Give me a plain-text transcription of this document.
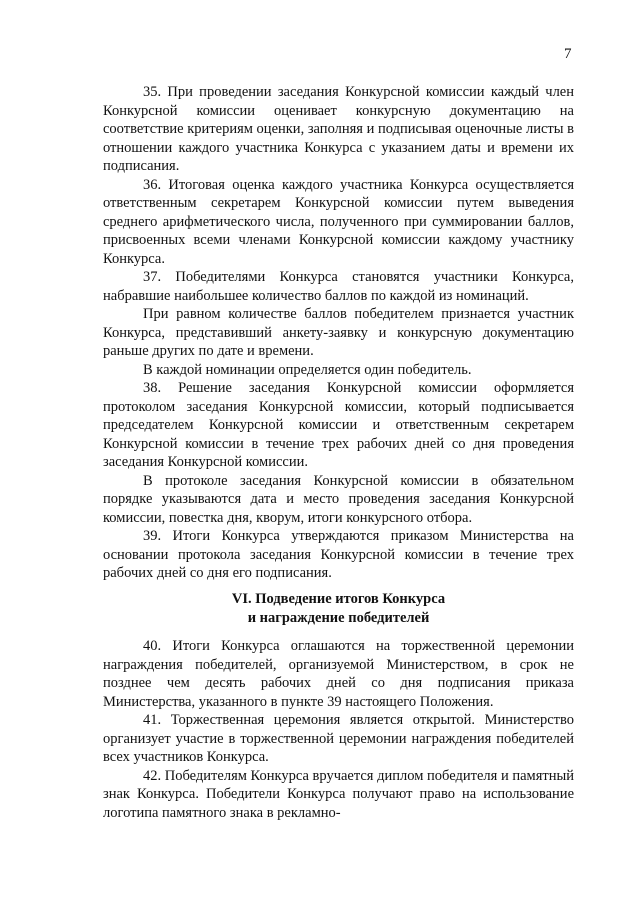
7

35. При проведении заседания Конкурсной комиссии каждый член Конкурсной комиссии оценивает конкурсную документацию на соответствие критериям оценки, заполняя и подписывая оценочные листы в отношении каждого участника Конкурса с указанием даты и времени их подписания.

36. Итоговая оценка каждого участника Конкурса осуществляется ответственным секретарем Конкурсной комиссии путем выведения среднего арифметического числа, полученного при суммировании баллов, присвоенных всеми членами Конкурсной комиссии каждому участнику Конкурса.

37. Победителями Конкурса становятся участники Конкурса, набравшие наибольшее количество баллов по каждой из номинаций.

При равном количестве баллов победителем признается участник Конкурса, представивший анкету-заявку и конкурсную документацию раньше других по дате и времени.

В каждой номинации определяется один победитель.

38. Решение заседания Конкурсной комиссии оформляется протоколом заседания Конкурсной комиссии, который подписывается председателем Конкурсной комиссии и ответственным секретарем Конкурсной комиссии в течение трех рабочих дней со дня проведения заседания Конкурсной комиссии.

В протоколе заседания Конкурсной комиссии в обязательном порядке указываются дата и место проведения заседания Конкурсной комиссии, повестка дня, кворум, итоги конкурсного отбора.

39. Итоги Конкурса утверждаются приказом Министерства на основании протокола заседания Конкурсной комиссии в течение трех рабочих дней со дня его подписания.

VI. Подведение итогов Конкурса
и награждение победителей

40. Итоги Конкурса оглашаются на торжественной церемонии награждения победителей, организуемой Министерством, в срок не позднее чем десять рабочих дней со дня подписания приказа Министерства, указанного в пункте 39 настоящего Положения.

41. Торжественная церемония является открытой. Министерство организует участие в торжественной церемонии награждения победителей всех участников Конкурса.

42. Победителям Конкурса вручается диплом победителя и памятный знак Конкурса. Победители Конкурса получают право на использование логотипа памятного знака в рекламно-
